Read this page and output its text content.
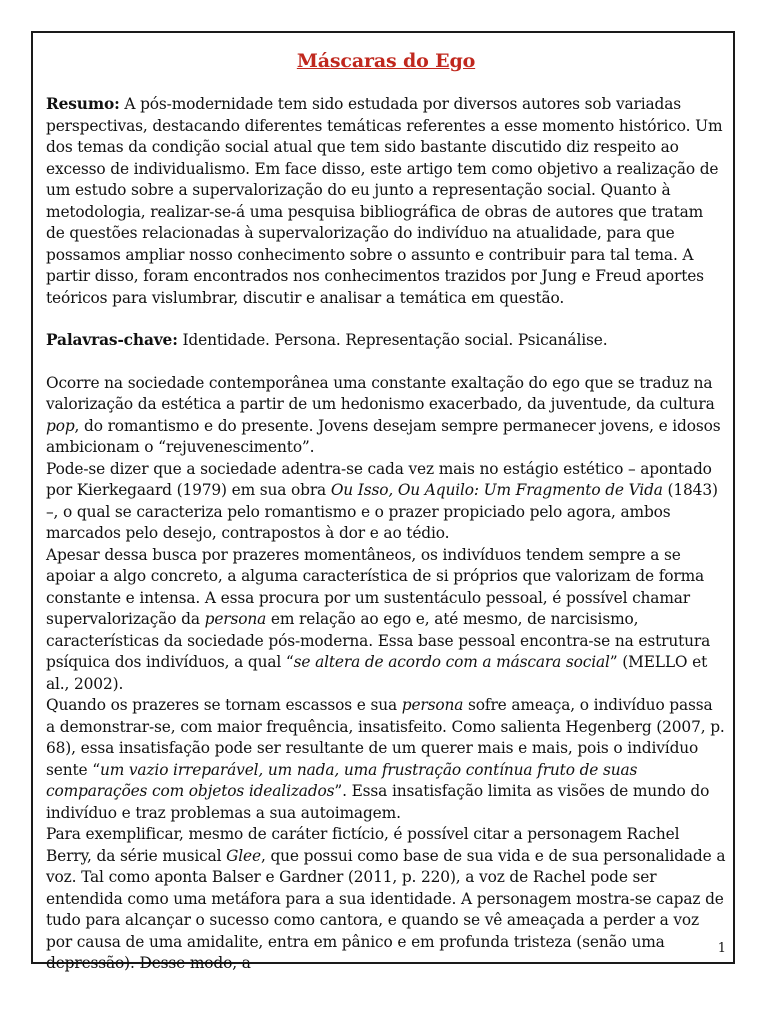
Máscaras do Ego

Resumo: A pós-modernidade tem sido estudada por diversos autores sob variadas perspectivas, destacando diferentes temáticas referentes a esse momento histórico. Um dos temas da condição social atual que tem sido bastante discutido diz respeito ao excesso de individualismo. Em face disso, este artigo tem como objetivo a realização de um estudo sobre a supervalorização do eu junto a representação social. Quanto à metodologia, realizar-se-á uma pesquisa bibliográfica de obras de autores que tratam de questões relacionadas à supervalorização do indivíduo na atualidade, para que possamos ampliar nosso conhecimento sobre o assunto e contribuir para tal tema. A partir disso, foram encontrados nos conhecimentos trazidos por Jung e Freud aportes teóricos para vislumbrar, discutir e analisar a temática em questão.

Palavras-chave: Identidade. Persona. Representação social. Psicanálise.

Ocorre na sociedade contemporânea uma constante exaltação do ego que se traduz na valorização da estética a partir de um hedonismo exacerbado, da juventude, da cultura pop, do romantismo e do presente. Jovens desejam sempre permanecer jovens, e idosos ambicionam o “rejuvenescimento”.

Pode-se dizer que a sociedade adentra-se cada vez mais no estágio estético – apontado por Kierkegaard (1979) em sua obra Ou Isso, Ou Aquilo: Um Fragmento de Vida (1843) –, o qual se caracteriza pelo romantismo e o prazer propiciado pelo agora, ambos marcados pelo desejo, contrapostos à dor e ao tédio.

Apesar dessa busca por prazeres momentâneos, os indivíduos tendem sempre a se apoiar a algo concreto, a alguma característica de si próprios que valorizam de forma constante e intensa. A essa procura por um sustentáculo pessoal, é possível chamar supervalorização da persona em relação ao ego e, até mesmo, de narcisismo, características da sociedade pós-moderna. Essa base pessoal encontra-se na estrutura psíquica dos indivíduos, a qual “se altera de acordo com a máscara social” (MELLO et al., 2002).

Quando os prazeres se tornam escassos e sua persona sofre ameaça, o indivíduo passa a demonstrar-se, com maior frequência, insatisfeito. Como salienta Hegenberg (2007, p. 68), essa insatisfação pode ser resultante de um querer mais e mais, pois o indivíduo sente “um vazio irreparável, um nada, uma frustração contínua fruto de suas comparações com objetos idealizados”. Essa insatisfação limita as visões de mundo do indivíduo e traz problemas a sua autoimagem.

Para exemplificar, mesmo de caráter fictício, é possível citar a personagem Rachel Berry, da série musical Glee, que possui como base de sua vida e de sua personalidade a voz. Tal como aponta Balser e Gardner (2011, p. 220), a voz de Rachel pode ser entendida como uma metáfora para a sua identidade. A personagem mostra-se capaz de tudo para alcançar o sucesso como cantora, e quando se vê ameaçada a perder a voz por causa de uma amidalite, entra em pânico e em profunda tristeza (senão uma depressão). Desse modo, a

1
